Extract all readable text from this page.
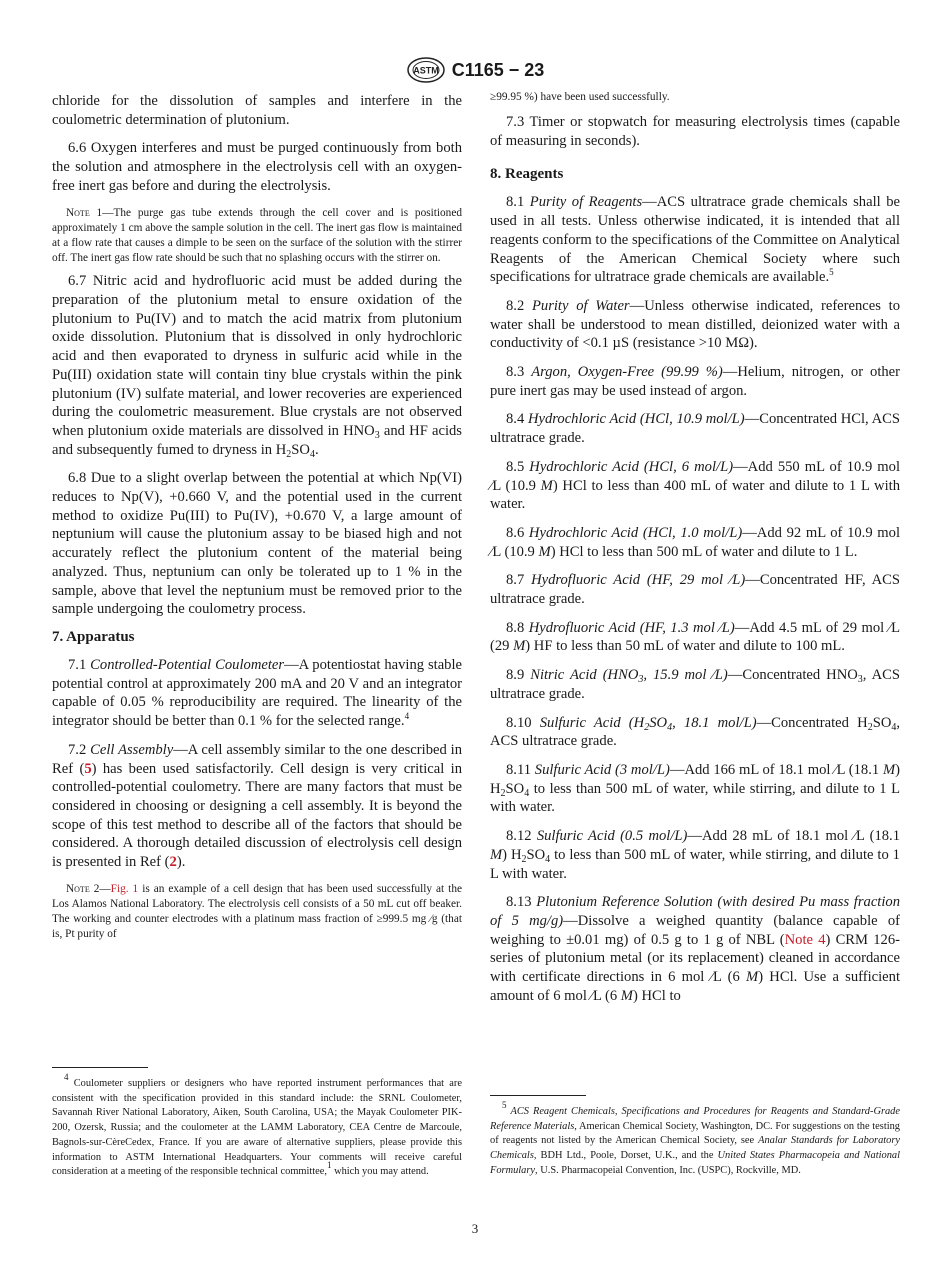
ASTM C1165 − 23

chloride for the dissolution of samples and interfere in the coulometric determination of plutonium.

6.6 Oxygen interferes and must be purged continuously from both the solution and atmosphere in the electrolysis cell with an oxygen-free inert gas before and during the electrolysis.

Note 1—The purge gas tube extends through the cell cover and is positioned approximately 1 cm above the sample solution in the cell. The inert gas flow is maintained at a flow rate that causes a dimple to be seen on the surface of the solution with the stirrer off. The inert gas flow rate should be such that no splashing occurs with the stirrer on.

6.7 Nitric acid and hydrofluoric acid must be added during the preparation of the plutonium metal to ensure oxidation of the plutonium to Pu(IV) and to match the acid matrix from plutonium oxide dissolution. Plutonium that is dissolved in only hydrochloric acid and then evaporated to dryness in sulfuric acid while in the Pu(III) oxidation state will contain tiny blue crystals within the pink plutonium (IV) sulfate material, and lower recoveries are experienced during the coulometric measurement. Blue crystals are not observed when plutonium oxide materials are dissolved in $HNO_3$ and HF acids and subsequently fumed to dryness in $H_2SO_4$.

6.8 Due to a slight overlap between the potential at which Np(VI) reduces to Np(V), +0.660 V, and the potential used in the current method to oxidize Pu(III) to Pu(IV), +0.670 V, a large amount of neptunium will cause the plutonium assay to be biased high and not accurately reflect the plutonium content of the material being analyzed. Thus, neptunium can only be tolerated up to 1 % in the sample, above that level the neptunium must be removed prior to the sample undergoing the coulometry process.

7. Apparatus

7.1 Controlled-Potential Coulometer—A potentiostat having stable potential control at approximately 200 mA and 20 V and an integrator capable of 0.05 % reproducibility are required. The linearity of the integrator should be better than 0.1 % for the selected range.$^4$

7.2 Cell Assembly—A cell assembly similar to the one described in Ref (5) has been used satisfactorily. Cell design is very critical in controlled-potential coulometry. There are many factors that must be considered in choosing or designing a cell assembly. It is beyond the scope of this test method to describe all of the factors that should be considered. A thorough detailed discussion of electrolysis cell design is presented in Ref (2).

Note 2—Fig. 1 is an example of a cell design that has been used successfully at the Los Alamos National Laboratory. The electrolysis cell consists of a 50 mL cut off beaker. The working and counter electrodes with a platinum mass fraction of ≥999.5 mg ⁄g (that is, Pt purity of

$^4$ Coulometer suppliers or designers who have reported instrument performances that are consistent with the specification provided in this standard include: the SRNL Coulometer, Savannah River National Laboratory, Aiken, South Carolina, USA; the Mayak Coulometer PIK-200, Ozersk, Russia; and the coulometer at the LAMM Laboratory, CEA Centre de Marcoule, Bagnols-sur-CèreCedex, France. If you are aware of alternative suppliers, please provide this information to ASTM International Headquarters. Your comments will receive careful consideration at a meeting of the responsible technical committee,$^1$ which you may attend.

≥99.95 %) have been used successfully.

7.3 Timer or stopwatch for measuring electrolysis times (capable of measuring in seconds).

8. Reagents

8.1 Purity of Reagents—ACS ultratrace grade chemicals shall be used in all tests. Unless otherwise indicated, it is intended that all reagents conform to the specifications of the Committee on Analytical Reagents of the American Chemical Society where such specifications for ultratrace grade chemicals are available.$^5$

8.2 Purity of Water—Unless otherwise indicated, references to water shall be understood to mean distilled, deionized water with a conductivity of <0.1 µS (resistance >10 MΩ).

8.3 Argon, Oxygen-Free (99.99 %)—Helium, nitrogen, or other pure inert gas may be used instead of argon.

8.4 Hydrochloric Acid (HCl, 10.9 mol/L)—Concentrated HCl, ACS ultratrace grade.

8.5 Hydrochloric Acid (HCl, 6 mol/L)—Add 550 mL of 10.9 mol ⁄L (10.9 M) HCl to less than 400 mL of water and dilute to 1 L with water.

8.6 Hydrochloric Acid (HCl, 1.0 mol/L)—Add 92 mL of 10.9 mol ⁄L (10.9 M) HCl to less than 500 mL of water and dilute to 1 L.

8.7 Hydrofluoric Acid (HF, 29 mol ⁄L)—Concentrated HF, ACS ultratrace grade.

8.8 Hydrofluoric Acid (HF, 1.3 mol ⁄L)—Add 4.5 mL of 29 mol ⁄L (29 M) HF to less than 50 mL of water and dilute to 100 mL.

8.9 Nitric Acid ($HNO_3$, 15.9 mol ⁄L)—Concentrated $HNO_3$, ACS ultratrace grade.

8.10 Sulfuric Acid ($H_2SO_4$, 18.1 mol/L)—Concentrated $H_2SO_4$, ACS ultratrace grade.

8.11 Sulfuric Acid (3 mol/L)—Add 166 mL of 18.1 mol ⁄L (18.1 M) $H_2SO_4$ to less than 500 mL of water, while stirring, and dilute to 1 L with water.

8.12 Sulfuric Acid (0.5 mol/L)—Add 28 mL of 18.1 mol ⁄L (18.1 M) $H_2SO_4$ to less than 500 mL of water, while stirring, and dilute to 1 L with water.

8.13 Plutonium Reference Solution (with desired Pu mass fraction of 5 mg/g)—Dissolve a weighed quantity (balance capable of weighing to ±0.01 mg) of 0.5 g to 1 g of NBL (Note 4) CRM 126-series of plutonium metal (or its replacement) cleaned in accordance with certificate directions in 6 mol ⁄L (6 M) HCl. Use a sufficient amount of 6 mol ⁄L (6 M) HCl to

$^5$ ACS Reagent Chemicals, Specifications and Procedures for Reagents and Standard-Grade Reference Materials, American Chemical Society, Washington, DC. For suggestions on the testing of reagents not listed by the American Chemical Society, see Analar Standards for Laboratory Chemicals, BDH Ltd., Poole, Dorset, U.K., and the United States Pharmacopeia and National Formulary, U.S. Pharmacopeial Convention, Inc. (USPC), Rockville, MD.

3
